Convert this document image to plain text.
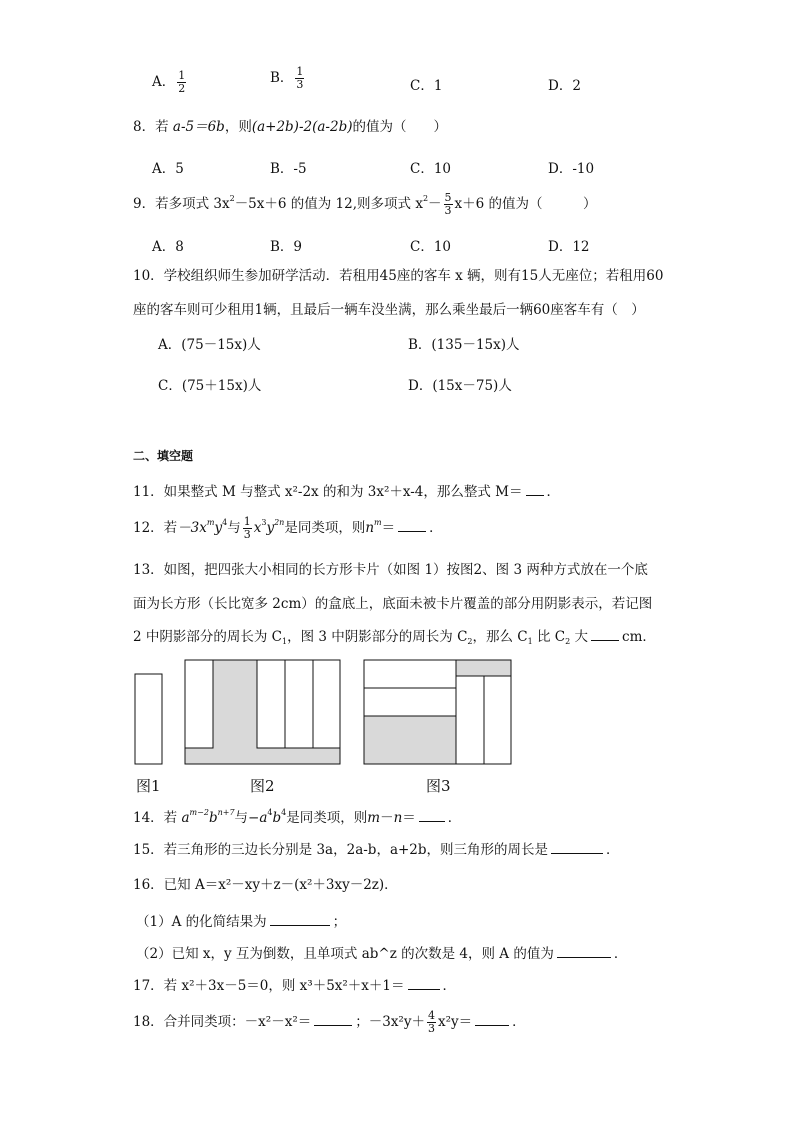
A． $\frac{1}{2}$	B． $\frac{1}{3}$	C．1	D．2
8．若 a-5＝6b，则(a+2b)-2(a-2b)的值为（　　）
A．5	B．-5	C．10	D．-10
9．若多项式 $3x^2-5x+6$ 的值为 12,则多项式 $x^2- \frac{5}{3} x+6$ 的值为（　　　）
A．8	B．9	C．10	D．12
10．学校组织师生参加研学活动．若租用45座的客车 x 辆，则有15人无座位；若租用60
座的客车则可少租用1辆，且最后一辆车没坐满，那么乘坐最后一辆60座客车有（　）
A．(75－15x)人	B．(135－15x)人
C．(75＋15x)人	D．(15x－75)人
二、填空题
11．如果整式 M 与整式 x²-2x 的和为 3x²＋x-4，那么整式 M＝ ．
12．若$-3x^my^4$与 $\frac{1}{3} x^3y^{2n}$是同类项，则$n^m=$	．
13．如图，把四张大小相同的长方形卡片（如图 1）按图2、图 3 两种方式放在一个底
面为长方形（长比宽多 2cm）的盒底上，底面未被卡片覆盖的部分用阴影表示，若记图
2 中阴影部分的周长为 $C_1$，图 3 中阴影部分的周长为 $C_2$，那么 $C_1$ 比 $C_2$ 大	cm．
图1	图2	图3
14．若 $a^{m-2}b^{n+7}$与$-a^4b^4$是同类项，则m－n＝ ．
15．若三角形的三边长分别是 3a，2a-b，a+2b，则三角形的周长是	．
16．已知 A＝x²－xy＋z－(x²＋3xy－2z)．
（1）A 的化简结果为	；
（2）已知 x，y 互为倒数，且单项式 ab^z 的次数是 4，则 A 的值为	．
17．若 x²＋3x－5＝0，则 x³＋5x²＋x＋1＝	．
18．合并同类项：－x²－x²＝	；$-3x^2y+ \frac{4}{3} x^2y=$	．
